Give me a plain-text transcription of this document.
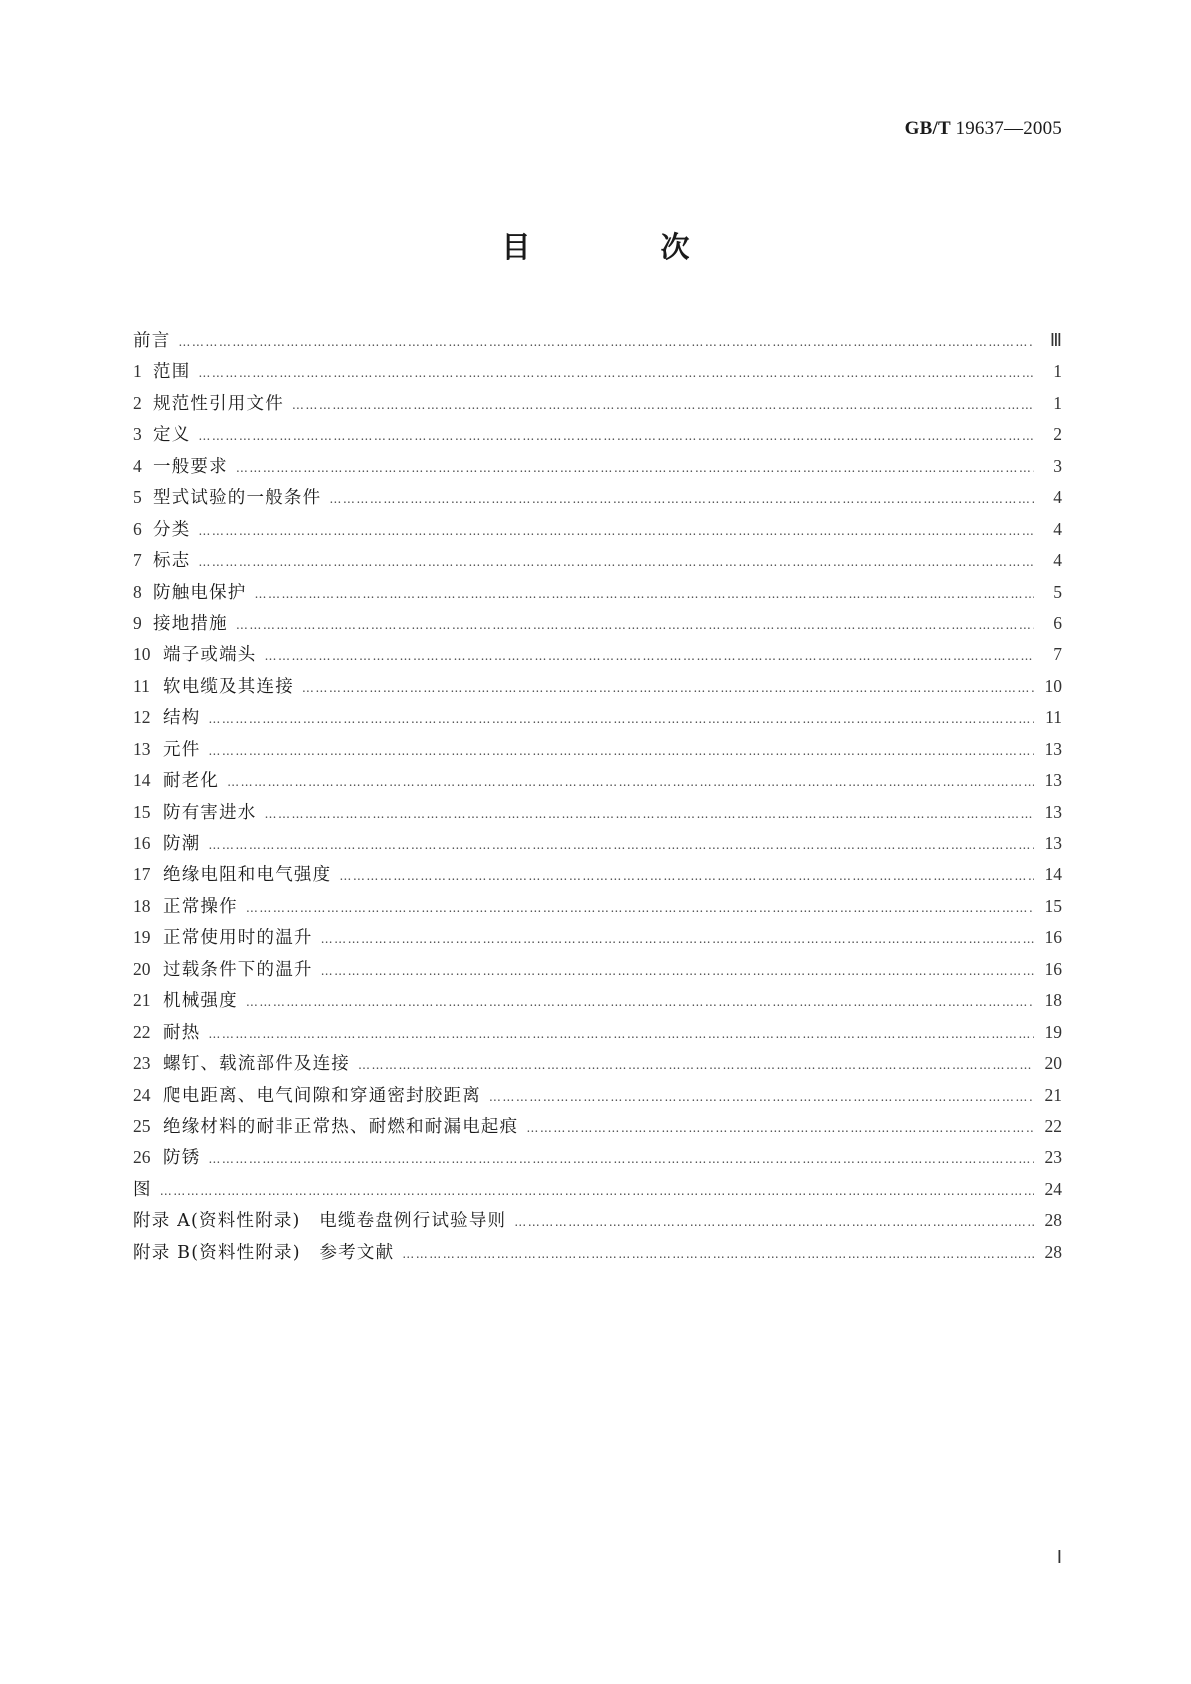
GB/T 19637—2005
目 次
前言 ……………………………………………………………………………………………………………………………………………………………………………………………………………………………………	Ⅲ
1 范围 ……………………………………………………………………………………………………………………………………………………………………………………………………………………………………	1
2 规范性引用文件 ……………………………………………………………………………………………………………………………………………………………………………………………………………………………………	1
3 定义 ……………………………………………………………………………………………………………………………………………………………………………………………………………………………………	2
4 一般要求 ……………………………………………………………………………………………………………………………………………………………………………………………………………………………………	3
5 型式试验的一般条件 ……………………………………………………………………………………………………………………………………………………………………………………………………………………………………	4
6 分类 ……………………………………………………………………………………………………………………………………………………………………………………………………………………………………	4
7 标志 ……………………………………………………………………………………………………………………………………………………………………………………………………………………………………	4
8 防触电保护 ……………………………………………………………………………………………………………………………………………………………………………………………………………………………………	5
9 接地措施 ……………………………………………………………………………………………………………………………………………………………………………………………………………………………………	6
10 端子或端头 ……………………………………………………………………………………………………………………………………………………………………………………………………………………………………	7
11 软电缆及其连接 ……………………………………………………………………………………………………………………………………………………………………………………………………………………………………	10
12 结构 ……………………………………………………………………………………………………………………………………………………………………………………………………………………………………	11
13 元件 ……………………………………………………………………………………………………………………………………………………………………………………………………………………………………	13
14 耐老化 ……………………………………………………………………………………………………………………………………………………………………………………………………………………………………	13
15 防有害进水 ……………………………………………………………………………………………………………………………………………………………………………………………………………………………………	13
16 防潮 ……………………………………………………………………………………………………………………………………………………………………………………………………………………………………	13
17 绝缘电阻和电气强度 ……………………………………………………………………………………………………………………………………………………………………………………………………………………………………	14
18 正常操作 ……………………………………………………………………………………………………………………………………………………………………………………………………………………………………	15
19 正常使用时的温升 ……………………………………………………………………………………………………………………………………………………………………………………………………………………………………	16
20 过载条件下的温升 ……………………………………………………………………………………………………………………………………………………………………………………………………………………………………	16
21 机械强度 ……………………………………………………………………………………………………………………………………………………………………………………………………………………………………	18
22 耐热 ……………………………………………………………………………………………………………………………………………………………………………………………………………………………………	19
23 螺钉、载流部件及连接 ……………………………………………………………………………………………………………………………………………………………………………………………………………………………………	20
24 爬电距离、电气间隙和穿通密封胶距离 ……………………………………………………………………………………………………………………………………………………………………………………………………………………………………	21
25 绝缘材料的耐非正常热、耐燃和耐漏电起痕 ……………………………………………………………………………………………………………………………………………………………………………………………………………………………………	22
26 防锈 ……………………………………………………………………………………………………………………………………………………………………………………………………………………………………	23
图 ……………………………………………………………………………………………………………………………………………………………………………………………………………………………………	24
附录 A(资料性附录)　电缆卷盘例行试验导则 ……………………………………………………………………………………………………………………………………………………………………………………………………………………………………	28
附录 B(资料性附录)　参考文献 ……………………………………………………………………………………………………………………………………………………………………………………………………………………………………	28
Ⅰ
